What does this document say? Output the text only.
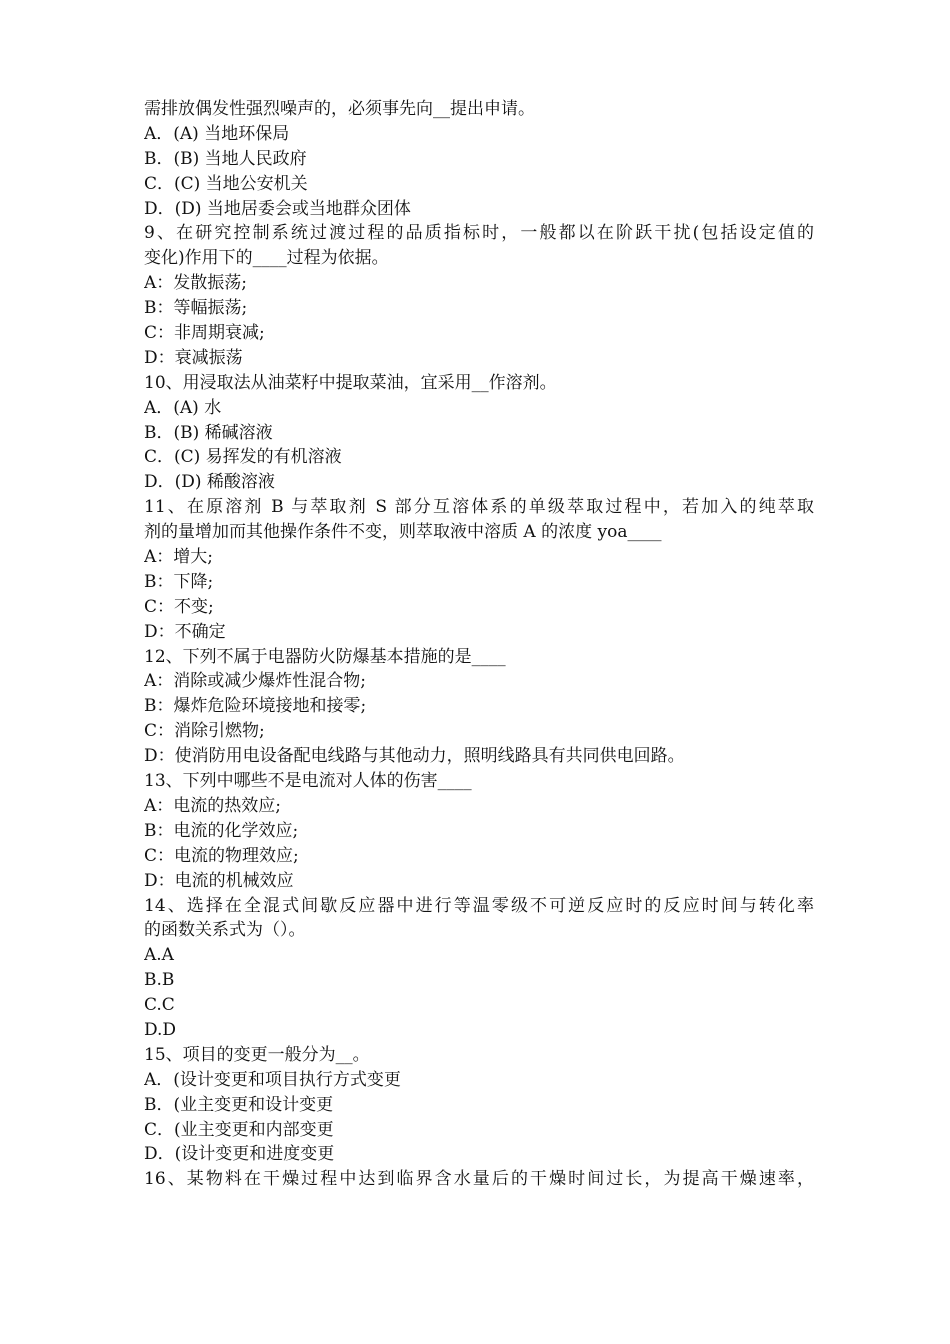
需排放偶发性强烈噪声的，必须事先向__提出申请。
A．(A) 当地环保局
B．(B) 当地人民政府
C．(C) 当地公安机关
D．(D) 当地居委会或当地群众团体
9、在研究控制系统过渡过程的品质指标时，一般都以在阶跃干扰(包括设定值的
变化)作用下的____过程为依据。
A：发散振荡;
B：等幅振荡;
C：非周期衰减;
D：衰减振荡
10、用浸取法从油菜籽中提取菜油，宜采用__作溶剂。
A．(A) 水
B．(B) 稀碱溶液
C．(C) 易挥发的有机溶液
D．(D) 稀酸溶液
11、在原溶剂 B 与萃取剂 S 部分互溶体系的单级萃取过程中，若加入的纯萃取
剂的量增加而其他操作条件不变，则萃取液中溶质 A 的浓度 yoa____
A：增大;
B：下降;
C：不变;
D：不确定
12、下列不属于电器防火防爆基本措施的是____
A：消除或减少爆炸性混合物;
B：爆炸危险环境接地和接零;
C：消除引燃物;
D：使消防用电设备配电线路与其他动力，照明线路具有共同供电回路。
13、下列中哪些不是电流对人体的伤害____
A：电流的热效应;
B：电流的化学效应;
C：电流的物理效应;
D：电流的机械效应
14、选择在全混式间歇反应器中进行等温零级不可逆反应时的反应时间与转化率
的函数关系式为（）。
A.A
B.B
C.C
D.D
15、项目的变更一般分为__。
A．(设计变更和项目执行方式变更
B．(业主变更和设计变更
C．(业主变更和内部变更
D．(设计变更和进度变更
16、某物料在干燥过程中达到临界含水量后的干燥时间过长，为提高干燥速率，
